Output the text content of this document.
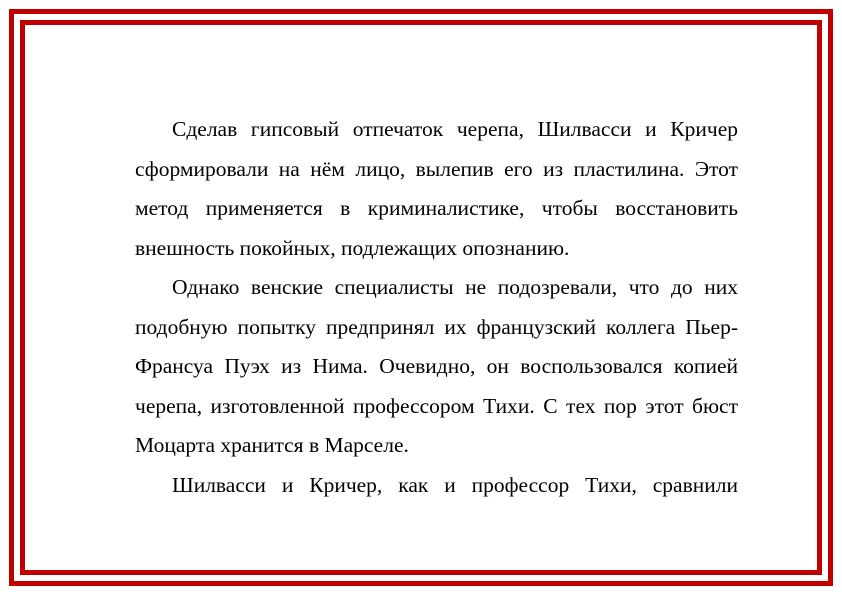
Сделав гипсовый отпечаток черепа, Шилвасси и Кричер сформировали на нём лицо, вылепив его из пластилина. Этот метод применяется в криминалистике, чтобы восстановить внешность покойных, подлежащих опознанию.

Однако венские специалисты не подозревали, что до них подобную попытку предпринял их французский коллега Пьер-Франсуа Пуэх из Нима. Очевидно, он воспользовался копией черепа, изготовленной профессором Тихи. С тех пор этот бюст Моцарта хранится в Марселе.

Шилвасси и Кричер, как и профессор Тихи, сравнили
